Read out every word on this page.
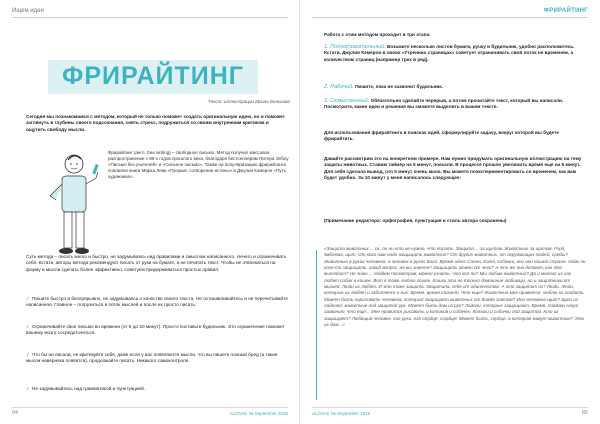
Ищем идеи
ФРИРАЙТИНГ
Текст, иллюстрации Ирина Белькова
Сегодня мы познакомимся с методом, который не только поможет создать оригинальную идею, но и поможет заглянуть в глубины своего подсознания, снять стресс, подружиться со своим внутренним критиком и ощутить свободу мысли.
Фрирайтинг (англ. free writing) – свободное письмо. Метод получил массовое распространение с 90-х годов прошлого века, благодаря бестселлерам Питера Элбоу «Письмо без учителей» и «Сильное письмо». Также на популяризацию фрирайтинга повлияли книги Марка Леви «Прорыв: сотворение истины» и Джулии Кэмерон «Путь художника».
Суть метода – писать много и быстро, не задумываясь над правилами и смыслом написанного. Нечего и ограничивать себя. Кстати, авторы метода рекомендуют писать от руки на бумаге, а не печатать текст. Чтобы не отвлекаться на форму и мысли сделать более эффективно, советуем придерживаться простых правил.
✓ Пишите быстро и беспрерывно, не задумываясь о качестве своего текста. Не останавливайтесь и не перечитывайте написанное. Главное – погрузиться в поток мыслей и после их просто писать.
✓ Ограничивайте свое письмо во времени (от 5 до 20 минут). Просто поставьте будильник. Это ограничение поможет вашему мозгу сосредоточиться.
✓ Что бы ни писали, не критикуйте себя, даже если у вас появляются мысли, что вы пишете полный бред (а такие мысли наверняка появятся), продолжайте писать. Никакого самоконтроля.
✓ Не задумывайтесь над грамматикой и пунктуацией.
84	ALOVAK № September 2016
ФРИРАЙТИНГ
Работа с этим методом проходит в три этапа:
1. Подготовительный. Возьмите несколько листов бумаги, ручку и будильник, удобно расположитесь. Кстати, Джулия Кэмерон в своих «Утренних страницах» советует ограничивать свой поток не временем, а количеством страниц (например трех в ряд).
2. Рабочий. Пишите, пока не зазвонит будильник.
3. Осмысленный. Обязательно сделайте перерыв, а потом прочитайте текст, который вы написали. Посмотрите, какие идеи и решения вы сможете выделить в вашем тексте.
Для использования фрирайтинга в поисках идей, сформулируйте задачу, вокруг которой вы будете фрирайтить.
Давайте рассмотрим это на конкретном примере. Нам нужно придумать оригинальную иллюстрацию на тему защиты животных. Ставим таймер на 5 минут, поехали. В процессе прошло увеличить время еще на 5 минут. Для себя сделала вывод, что 5 минут очень мало. Вы можете поэкспериментировать со временем, как вам будет удобно. За 10 минут у меня написалось следующее:
(Примечание редактора: орфография, пунктуация и стиль автора сохранены)
«Защита животных ... ох, он ни кто не нужно, что писать. Защита ... за щитом. Животные за щитом. Герб, эмблема, щит. От кого нам надо защищать животных? От других животных, от окружающих людей, среды? Животные в руках человека, а человек в руках Бога. Время идет Слона, Котя, собачки, все они нашей стране. Надо ли кого-то защищать, какой вопрос, не вы знаете? Защищать можно от чего? А что же они делают, как это выглядит? Не знаю ... пойдем посмотрим, можно узнать, что все ли? Мы любим животных? Да и многие из нас любят собак и кошек. Вот я тоже люблю кошек. Кошки это не только домашние любимцы, но и защитники от мышей. Люди их любят. И это тоже защита. Защитить себя от одиночества. А кто защитит их? Люди. Люди, которые их любят и заботятся о них. Время, время тикает. Что еще? Животные мне нравятся, люблю их гладить. Может быть нарисовать человека, который защищает животных от дождя зонтом? Или человека-щит? Щит из ладоней, животные под защитой рук. Может быть дом из рук? Ладони, которые защищают. Время, таймер скоро зазвонит, что еще... Мне нравится рисовать и котиков и собачек. Котики и собачки под защитой. Кто их защищает? Любящий человек, его руки, его сердце. Сердце! Может быть, сердце, в котором живут животные? Это их дом...»
ALOVAK № September 2016	85
